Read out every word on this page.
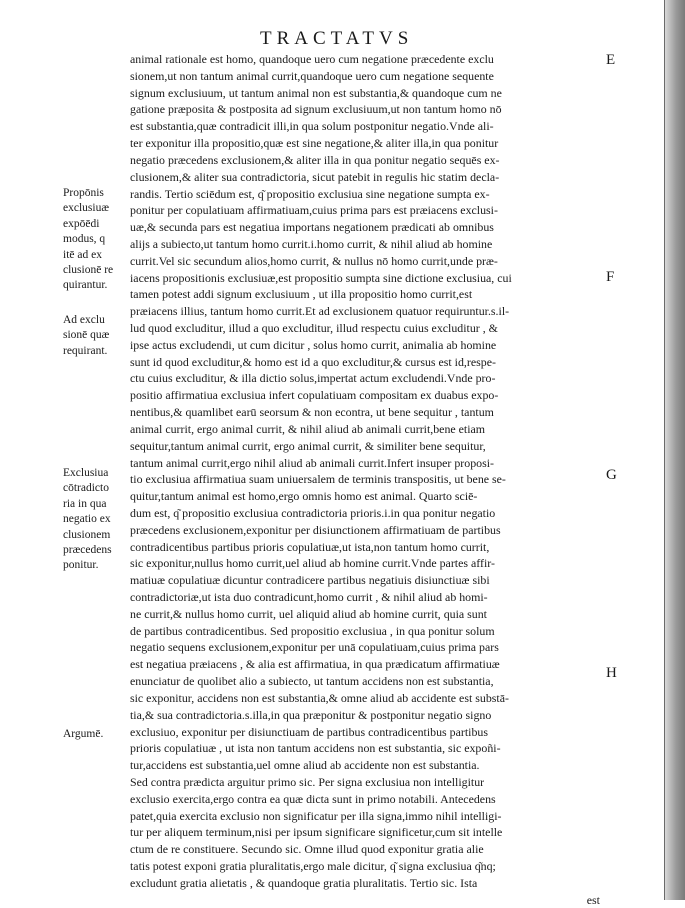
TRACTATVS
E
F
G
H
Propōnis
exclusiuæ
expōēdi
modus, q
itē ad ex
clusionē re
quirantur.
Ad exclu
sionē quæ
requirant.
Exclusiua
cōtradicto
ria in qua
negatio ex
clusionem
præcedens
ponitur.
Argumē.
animal rationale est homo, quandoque uero cum negatione præcedente exclu
sionem,ut non tantum animal currit,quandoque uero cum negatione sequente
signum exclusiuum, ut tantum animal non est substantia,& quandoque cum ne
gatione præposita & postposita ad signum exclusiuum,ut non tantum homo nō
est substantia,quæ contradicit illi,in qua solum postponitur negatio.Vnde ali-
ter exponitur illa propositio,quæ est sine negatione,& aliter illa,in qua ponitur
negatio præcedens exclusionem,& aliter illa in qua ponitur negatio sequēs ex-
clusionem,& aliter sua contradictoria, sicut patebit in regulis hic statim decla-
randis. Tertio sciēdum est, q͂ propositio exclusiua sine negatione sumpta ex-
ponitur per copulatiuam affirmatiuam,cuius prima pars est præiacens exclusi-
uæ,& secunda pars est negatiua importans negationem prædicati ab omnibus
alijs a subiecto,ut tantum homo currit.i.homo currit, & nihil aliud ab homine
currit.Vel sic secundum alios,homo currit, & nullus nō homo currit,unde præ-
iacens propositionis exclusiuæ,est propositio sumpta sine dictione exclusiua, cui
tamen potest addi signum exclusiuum , ut illa propositio homo currit,est
præiacens illius, tantum homo currit.Et ad exclusionem quatuor requiruntur.s.il-
lud quod excluditur, illud a quo excluditur, illud respectu cuius excluditur , &
ipse actus excludendi, ut cum dicitur , solus homo currit, animalia ab homine
sunt id quod excluditur,& homo est id a quo excluditur,& cursus est id,respe-
ctu cuius excluditur, & illa dictio solus,impertat actum excludendi.Vnde pro-
positio affirmatiua exclusiua infert copulatiuam compositam ex duabus expo-
nentibus,& quamlibet earū seorsum & non econtra, ut bene sequitur , tantum
animal currit, ergo animal currit, & nihil aliud ab animali currit,bene etiam
sequitur,tantum animal currit, ergo animal currit, & similiter bene sequitur,
tantum animal currit,ergo nihil aliud ab animali currit.Infert insuper proposi-
tio exclusiua affirmatiua suam uniuersalem de terminis transpositis, ut bene se-
quitur,tantum animal est homo,ergo omnis homo est animal. Quarto sciē-
dum est, q͂ propositio exclusiua contradictoria prioris.i.in qua ponitur negatio
præcedens exclusionem,exponitur per disiunctionem affirmatiuam de partibus
contradicentibus partibus prioris copulatiuæ,ut ista,non tantum homo currit,
sic exponitur,nullus homo currit,uel aliud ab homine currit.Vnde partes affir-
matiuæ copulatiuæ dicuntur contradicere partibus negatiuis disiunctiuæ sibi
contradictoriæ,ut ista duo contradicunt,homo currit , & nihil aliud ab homi-
ne currit,& nullus homo currit, uel aliquid aliud ab homine currit, quia sunt
de partibus contradicentibus. Sed propositio exclusiua , in qua ponitur solum
negatio sequens exclusionem,exponitur per unā copulatiuam,cuius prima pars
est negatiua præiacens , & alia est affirmatiua, in qua prædicatum affirmatiuæ
enunciatur de quolibet alio a subiecto, ut tantum accidens non est substantia,
sic exponitur, accidens non est substantia,& omne aliud ab accidente est substā-
tia,& sua contradictoria.s.illa,in qua præponitur & postponitur negatio signo
exclusiuo, exponitur per disiunctiuam de partibus contradicentibus partibus
prioris copulatiuæ , ut ista non tantum accidens non est substantia, sic expoñi-
tur,accidens est substantia,uel omne aliud ab accidente non est substantia.
Sed contra prædicta arguitur primo sic. Per signa exclusiua non intelligitur
exclusio exercita,ergo contra ea quæ dicta sunt in primo notabili. Antecedens
patet,quia exercita exclusio non significatur per illa signa,immo nihil intelligi-
tur per aliquem terminum,nisi per ipsum significare significetur,cum sit intelle
ctum de re constituere. Secundo sic. Omne illud quod exponitur gratia alie
tatis potest exponi gratia pluralitatis,ergo male dicitur, q͂ signa exclusiua q͂nq;
excludunt gratia alietatis , & quandoque gratia pluralitatis. Tertio sic. Ista
est
